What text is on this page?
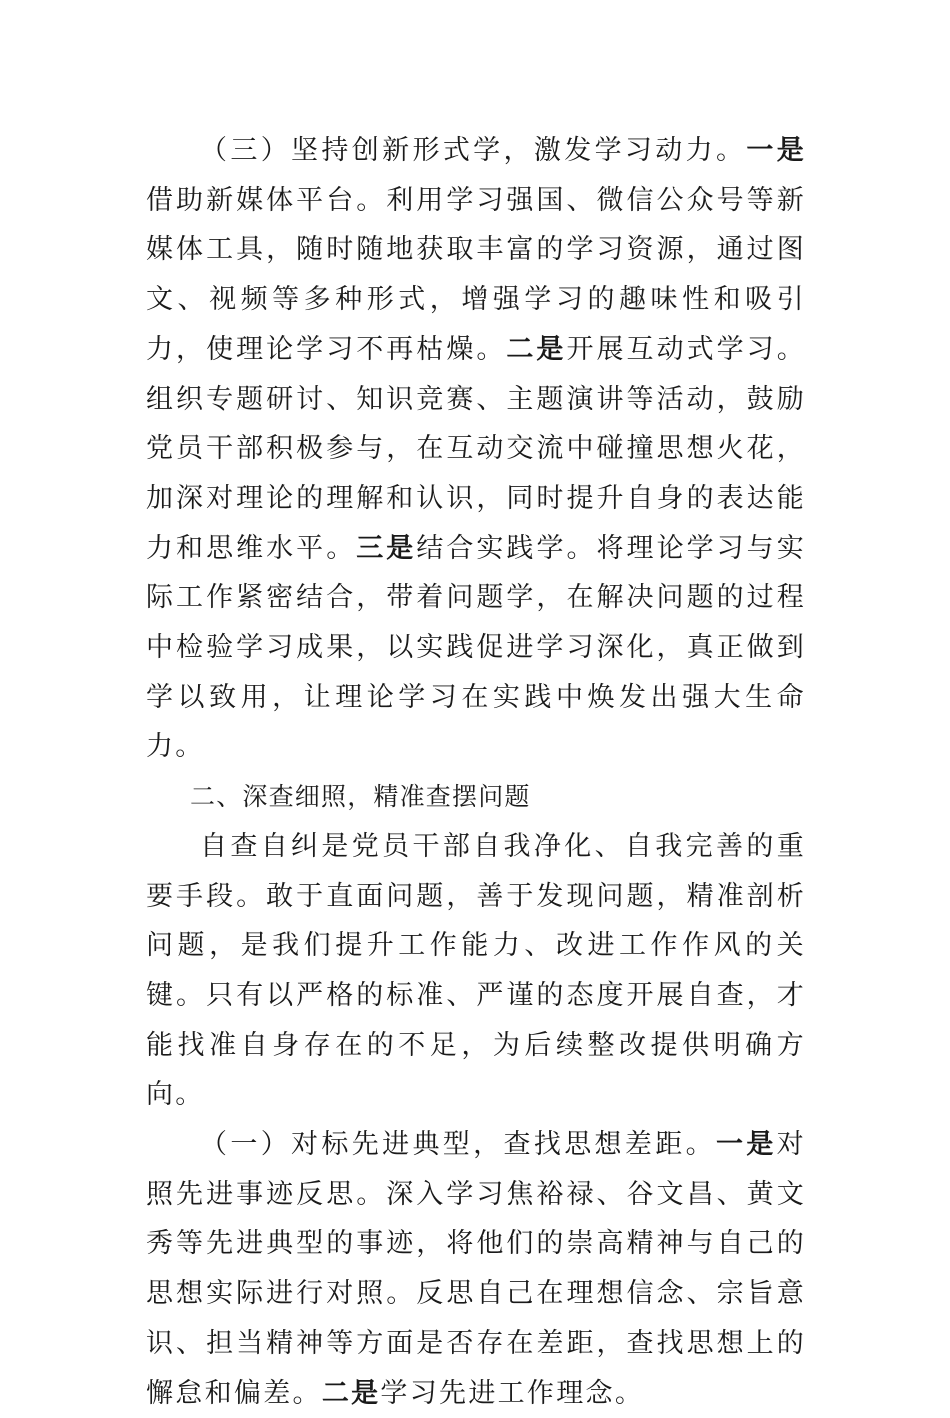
（三）坚持创新形式学，激发学习动力。一是借助新媒体平台。利用学习强国、微信公众号等新媒体工具，随时随地获取丰富的学习资源，通过图文、视频等多种形式，增强学习的趣味性和吸引力，使理论学习不再枯燥。二是开展互动式学习。组织专题研讨、知识竞赛、主题演讲等活动，鼓励党员干部积极参与，在互动交流中碰撞思想火花，加深对理论的理解和认识，同时提升自身的表达能力和思维水平。三是结合实践学。将理论学习与实际工作紧密结合，带着问题学，在解决问题的过程中检验学习成果，以实践促进学习深化，真正做到学以致用，让理论学习在实践中焕发出强大生命力。

二、深查细照，精准查摆问题

自查自纠是党员干部自我净化、自我完善的重要手段。敢于直面问题，善于发现问题，精准剖析问题，是我们提升工作能力、改进工作作风的关键。只有以严格的标准、严谨的态度开展自查，才能找准自身存在的不足，为后续整改提供明确方向。

（一）对标先进典型，查找思想差距。一是对照先进事迹反思。深入学习焦裕禄、谷文昌、黄文秀等先进典型的事迹，将他们的崇高精神与自己的思想实际进行对照。反思自己在理想信念、宗旨意识、担当精神等方面是否存在差距，查找思想上的懈怠和偏差。二是学习先进工作理念。
